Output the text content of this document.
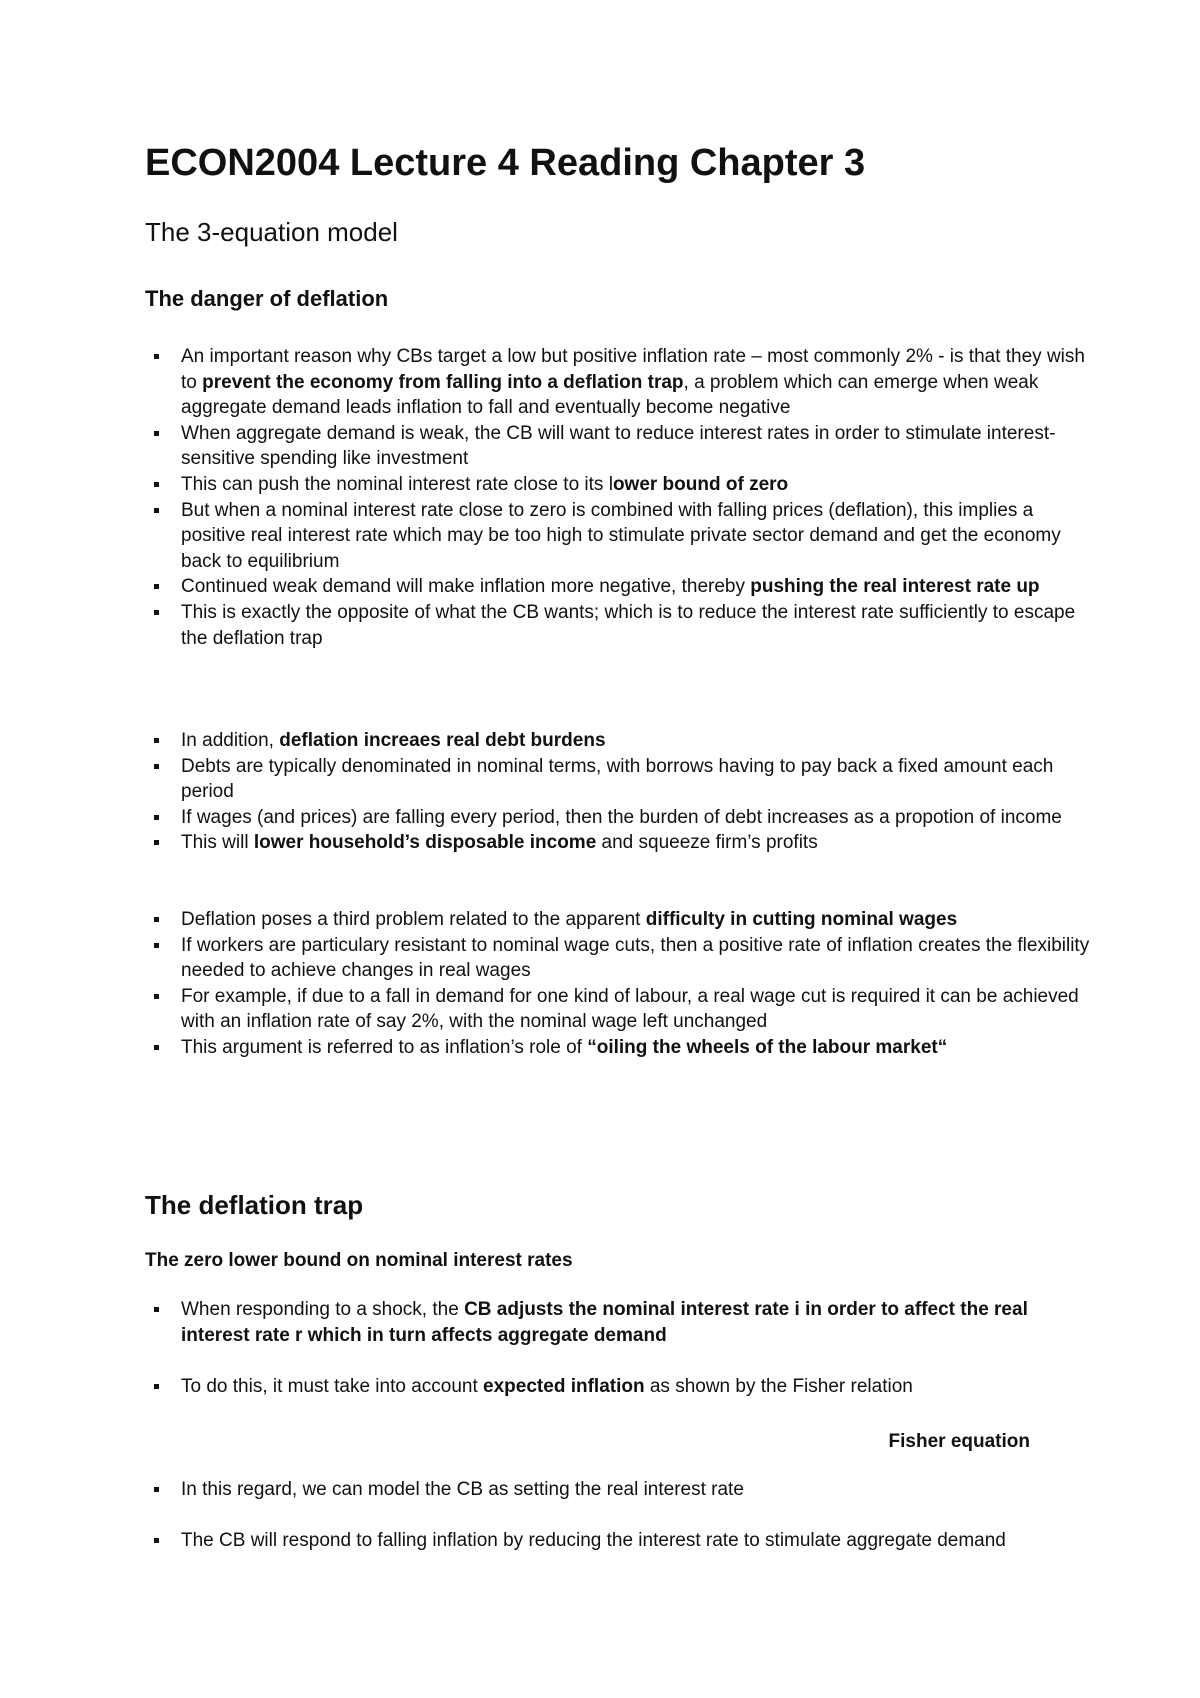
ECON2004 Lecture 4 Reading Chapter 3
The 3-equation model
The danger of deflation
An important reason why CBs target a low but positive inflation rate – most commonly 2% - is that they wish to prevent the economy from falling into a deflation trap, a problem which can emerge when weak aggregate demand leads inflation to fall and eventually become negative
When aggregate demand is weak, the CB will want to reduce interest rates in order to stimulate interest-sensitive spending like investment
This can push the nominal interest rate close to its lower bound of zero
But when a nominal interest rate close to zero is combined with falling prices (deflation), this implies a positive real interest rate which may be too high to stimulate private sector demand and get the economy back to equilibrium
Continued weak demand will make inflation more negative, thereby pushing the real interest rate up
This is exactly the opposite of what the CB wants; which is to reduce the interest rate sufficiently to escape the deflation trap
In addition, deflation increaes real debt burdens
Debts are typically denominated in nominal terms, with borrows having to pay back a fixed amount each period
If wages (and prices) are falling every period, then the burden of debt increases as a propotion of income
This will lower household’s disposable income and squeeze firm’s profits
Deflation poses a third problem related to the apparent difficulty in cutting nominal wages
If workers are particulary resistant to nominal wage cuts, then a positive rate of inflation creates the flexibility needed to achieve changes in real wages
For example, if due to a fall in demand for one kind of labour, a real wage cut is required it can be achieved with an inflation rate of say 2%, with the nominal wage left unchanged
This argument is referred to as inflation’s role of “oiling the wheels of the labour market“
The deflation trap
The zero lower bound on nominal interest rates
When responding to a shock, the CB adjusts the nominal interest rate i in order to affect the real interest rate r which in turn affects aggregate demand
To do this, it must take into account expected inflation as shown by the Fisher relation
Fisher equation
In this regard, we can model the CB as setting the real interest rate
The CB will respond to falling inflation by reducing the interest rate to stimulate aggregate demand
